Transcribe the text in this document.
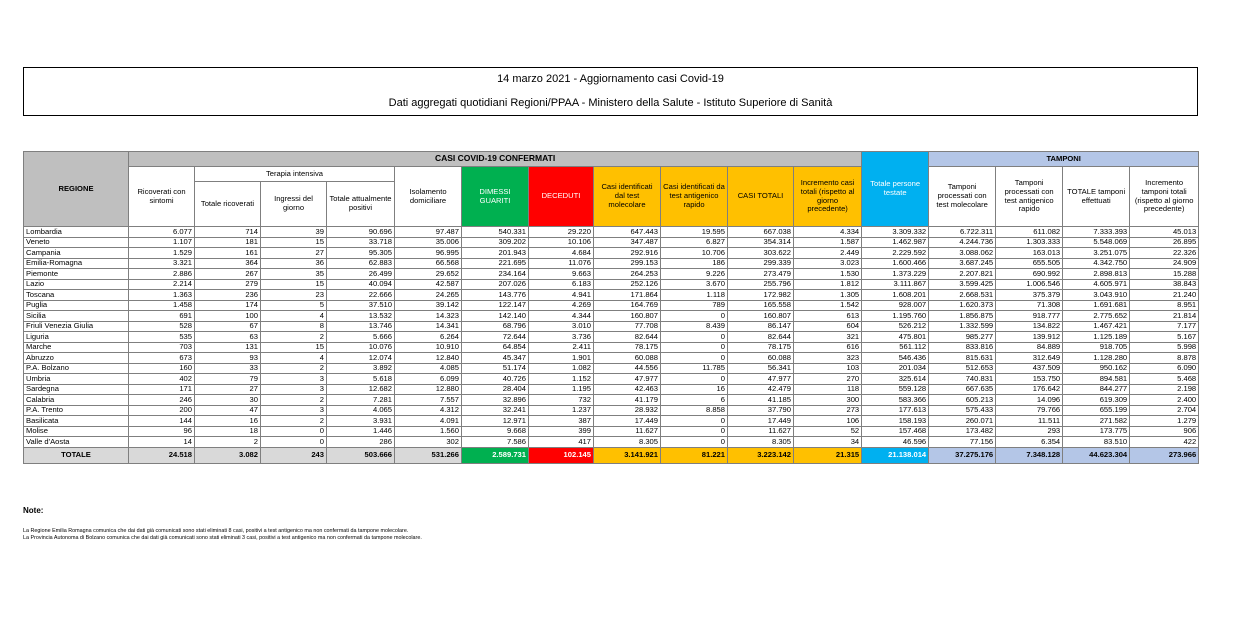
14 marzo 2021 - Aggiornamento casi Covid-19
Dati aggregati quotidiani Regioni/PPAA - Ministero della Salute - Istituto Superiore di Sanità
REGIONE	CASI COVID-19 CONFERMATI											Totale persone testate	TAMPONI			
	Ricoverati con sintomi	Terapia intensiva			Isolamento domiciliare	DIMESSI GUARITI	DECEDUTI	Casi identificati dal test molecolare	Casi identificati da test antigenico rapido	CASI TOTALI	Incremento casi totali (rispetto al giorno precedente)		Tamponi processati con test molecolare	Tamponi processati con test antigenico rapido	TOTALE tamponi effettuati	Incremento tamponi totali (rispetto al giorno precedente)
		Totale ricoverati	Ingressi del giorno	Totale attualmente positivi												
Lombardia	6.077	714	39	90.696	97.487	540.331	29.220	647.443	19.595	667.038	4.334	3.309.332	6.722.311	611.082	7.333.393	45.013
Veneto	1.107	181	15	33.718	35.006	309.202	10.106	347.487	6.827	354.314	1.587	1.462.987	4.244.736	1.303.333	5.548.069	26.895
Campania	1.529	161	27	95.305	96.995	201.943	4.684	292.916	10.706	303.622	2.449	2.229.592	3.088.062	163.013	3.251.075	22.326
Emilia-Romagna	3.321	364	36	62.883	66.568	221.695	11.076	299.153	186	299.339	3.023	1.600.466	3.687.245	655.505	4.342.750	24.909
Piemonte	2.886	267	35	26.499	29.652	234.164	9.663	264.253	9.226	273.479	1.530	1.373.229	2.207.821	690.992	2.898.813	15.288
Lazio	2.214	279	15	40.094	42.587	207.026	6.183	252.126	3.670	255.796	1.812	3.111.867	3.599.425	1.006.546	4.605.971	38.843
Toscana	1.363	236	23	22.666	24.265	143.776	4.941	171.864	1.118	172.982	1.305	1.608.201	2.668.531	375.379	3.043.910	21.240
Puglia	1.458	174	5	37.510	39.142	122.147	4.269	164.769	789	165.558	1.542	928.007	1.620.373	71.308	1.691.681	8.951
Sicilia	691	100	4	13.532	14.323	142.140	4.344	160.807	0	160.807	613	1.195.760	1.856.875	918.777	2.775.652	21.814
Friuli Venezia Giulia	528	67	8	13.746	14.341	68.796	3.010	77.708	8.439	86.147	604	526.212	1.332.599	134.822	1.467.421	7.177
Liguria	535	63	2	5.666	6.264	72.644	3.736	82.644	0	82.644	321	475.801	985.277	139.912	1.125.189	5.167
Marche	703	131	15	10.076	10.910	64.854	2.411	78.175	0	78.175	616	561.112	833.816	84.889	918.705	5.998
Abruzzo	673	93	4	12.074	12.840	45.347	1.901	60.088	0	60.088	323	546.436	815.631	312.649	1.128.280	8.878
P.A. Bolzano	160	33	2	3.892	4.085	51.174	1.082	44.556	11.785	56.341	103	201.034	512.653	437.509	950.162	6.090
Umbria	402	79	3	5.618	6.099	40.726	1.152	47.977	0	47.977	270	325.614	740.831	153.750	894.581	5.468
Sardegna	171	27	3	12.682	12.880	28.404	1.195	42.463	16	42.479	118	559.128	667.635	176.642	844.277	2.198
Calabria	246	30	2	7.281	7.557	32.896	732	41.179	6	41.185	300	583.366	605.213	14.096	619.309	2.400
P.A. Trento	200	47	3	4.065	4.312	32.241	1.237	28.932	8.858	37.790	273	177.613	575.433	79.766	655.199	2.704
Basilicata	144	16	2	3.931	4.091	12.971	387	17.449	0	17.449	106	158.193	260.071	11.511	271.582	1.279
Molise	96	18	0	1.446	1.560	9.668	399	11.627	0	11.627	52	157.468	173.482	293	173.775	906
Valle d'Aosta	14	2	0	286	302	7.586	417	8.305	0	8.305	34	46.596	77.156	6.354	83.510	422
TOTALE	24.518	3.082	243	503.666	531.266	2.589.731	102.145	3.141.921	81.221	3.223.142	21.315	21.138.014	37.275.176	7.348.128	44.623.304	273.966
Note:
La Regione Emilia Romagna comunica che dai dati già comunicati sono stati eliminati 8 casi, positivi a test antigenico ma non confermati da tampone molecolare.
La Provincia Autonoma di Bolzano comunica che dai dati già comunicati sono stati eliminati 3 casi, positivi a test antigenico ma non confermati da tampone molecolare.
